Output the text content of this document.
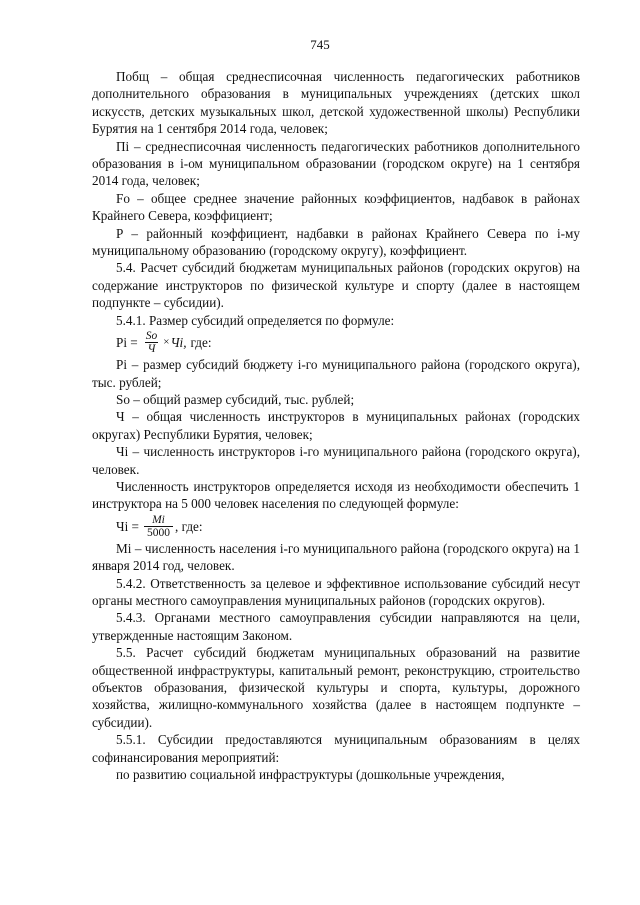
745

Побщ – общая среднесписочная численность педагогических работников дополнительного образования в муниципальных учреждениях (детских школ искусств, детских музыкальных школ, детской художественной школы) Республики Бурятия на 1 сентября 2014 года, человек;

Пi – среднесписочная численность педагогических работников дополнительного образования в i-ом муниципальном образовании (городском округе) на 1 сентября 2014 года, человек;

Fo – общее среднее значение районных коэффициентов, надбавок в районах Крайнего Севера, коэффициент;

P – районный коэффициент, надбавки в районах Крайнего Севера по i-му муниципальному образованию (городскому округу), коэффициент.

5.4. Расчет субсидий бюджетам муниципальных районов (городских округов) на содержание инструкторов по физической культуре и спорту (далее в настоящем подпункте – субсидии).

5.4.1. Размер субсидий определяется по формуле:

$Pi = \frac{So}{Ч}$ × Чi, где:

Pi – размер субсидий бюджету i-го муниципального района (городского округа), тыс. рублей;

So – общий размер субсидий, тыс. рублей;

Ч – общая численность инструкторов в муниципальных районах (городских округах) Республики Бурятия, человек;

Чi – численность инструкторов i-го муниципального района (городского округа), человек.

Численность инструкторов определяется исходя из необходимости обеспечить 1 инструктора на 5 000 человек населения по следующей формуле:

Чi = $\frac{Mi}{5000}$ , где:

Mi – численность населения i-го муниципального района (городского округа) на 1 января 2014 год, человек.

5.4.2. Ответственность за целевое и эффективное использование субсидий несут органы местного самоуправления муниципальных районов (городских округов).

5.4.3. Органами местного самоуправления субсидии направляются на цели, утвержденные настоящим Законом.

5.5. Расчет субсидий бюджетам муниципальных образований на развитие общественной инфраструктуры, капитальный ремонт, реконструкцию, строительство объектов образования, физической культуры и спорта, культуры, дорожного хозяйства, жилищно-коммунального хозяйства (далее в настоящем подпункте – субсидии).

5.5.1. Субсидии предоставляются муниципальным образованиям в целях софинансирования мероприятий:

по развитию социальной инфраструктуры (дошкольные учреждения,
